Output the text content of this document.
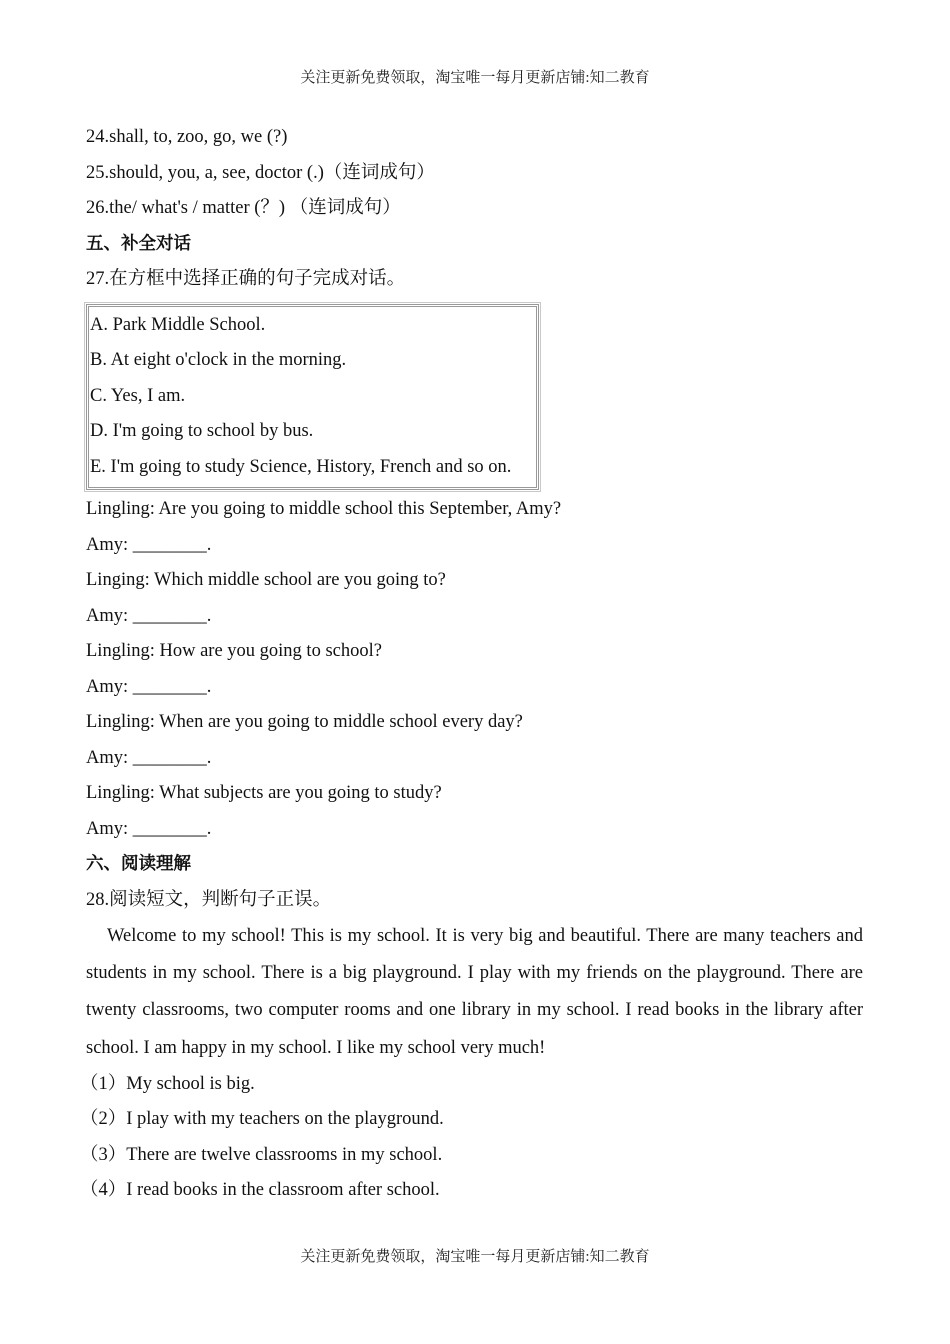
关注更新免费领取，淘宝唯一每月更新店铺:知二教育
24.shall, to, zoo, go, we (?)
25.should, you, a, see, doctor (.)（连词成句）
26.the/ what's / matter (？) （连词成句）
五、补全对话
27.在方框中选择正确的句子完成对话。
A. Park Middle School.
B. At eight o'clock in the morning.
C. Yes, I am.
D. I'm going to school by bus.
E. I'm going to study Science, History, French and so on.
Lingling: Are you going to middle school this September, Amy?
Amy: ________.
Linging: Which middle school are you going to?
Amy: ________.
Lingling: How are you going to school?
Amy: ________.
Lingling: When are you going to middle school every day?
Amy: ________.
Lingling: What subjects are you going to study?
Amy: ________.
六、阅读理解
28.阅读短文，判断句子正误。

Welcome to my school! This is my school. It is very big and beautiful. There are many teachers and students in my school. There is a big playground. I play with my friends on the playground. There are twenty classrooms, two computer rooms and one library in my school. I read books in the library after school. I am happy in my school. I like my school very much!

（1）My school is big.
（2）I play with my teachers on the playground.
（3）There are twelve classrooms in my school.
（4）I read books in the classroom after school.
关注更新免费领取，淘宝唯一每月更新店铺:知二教育
